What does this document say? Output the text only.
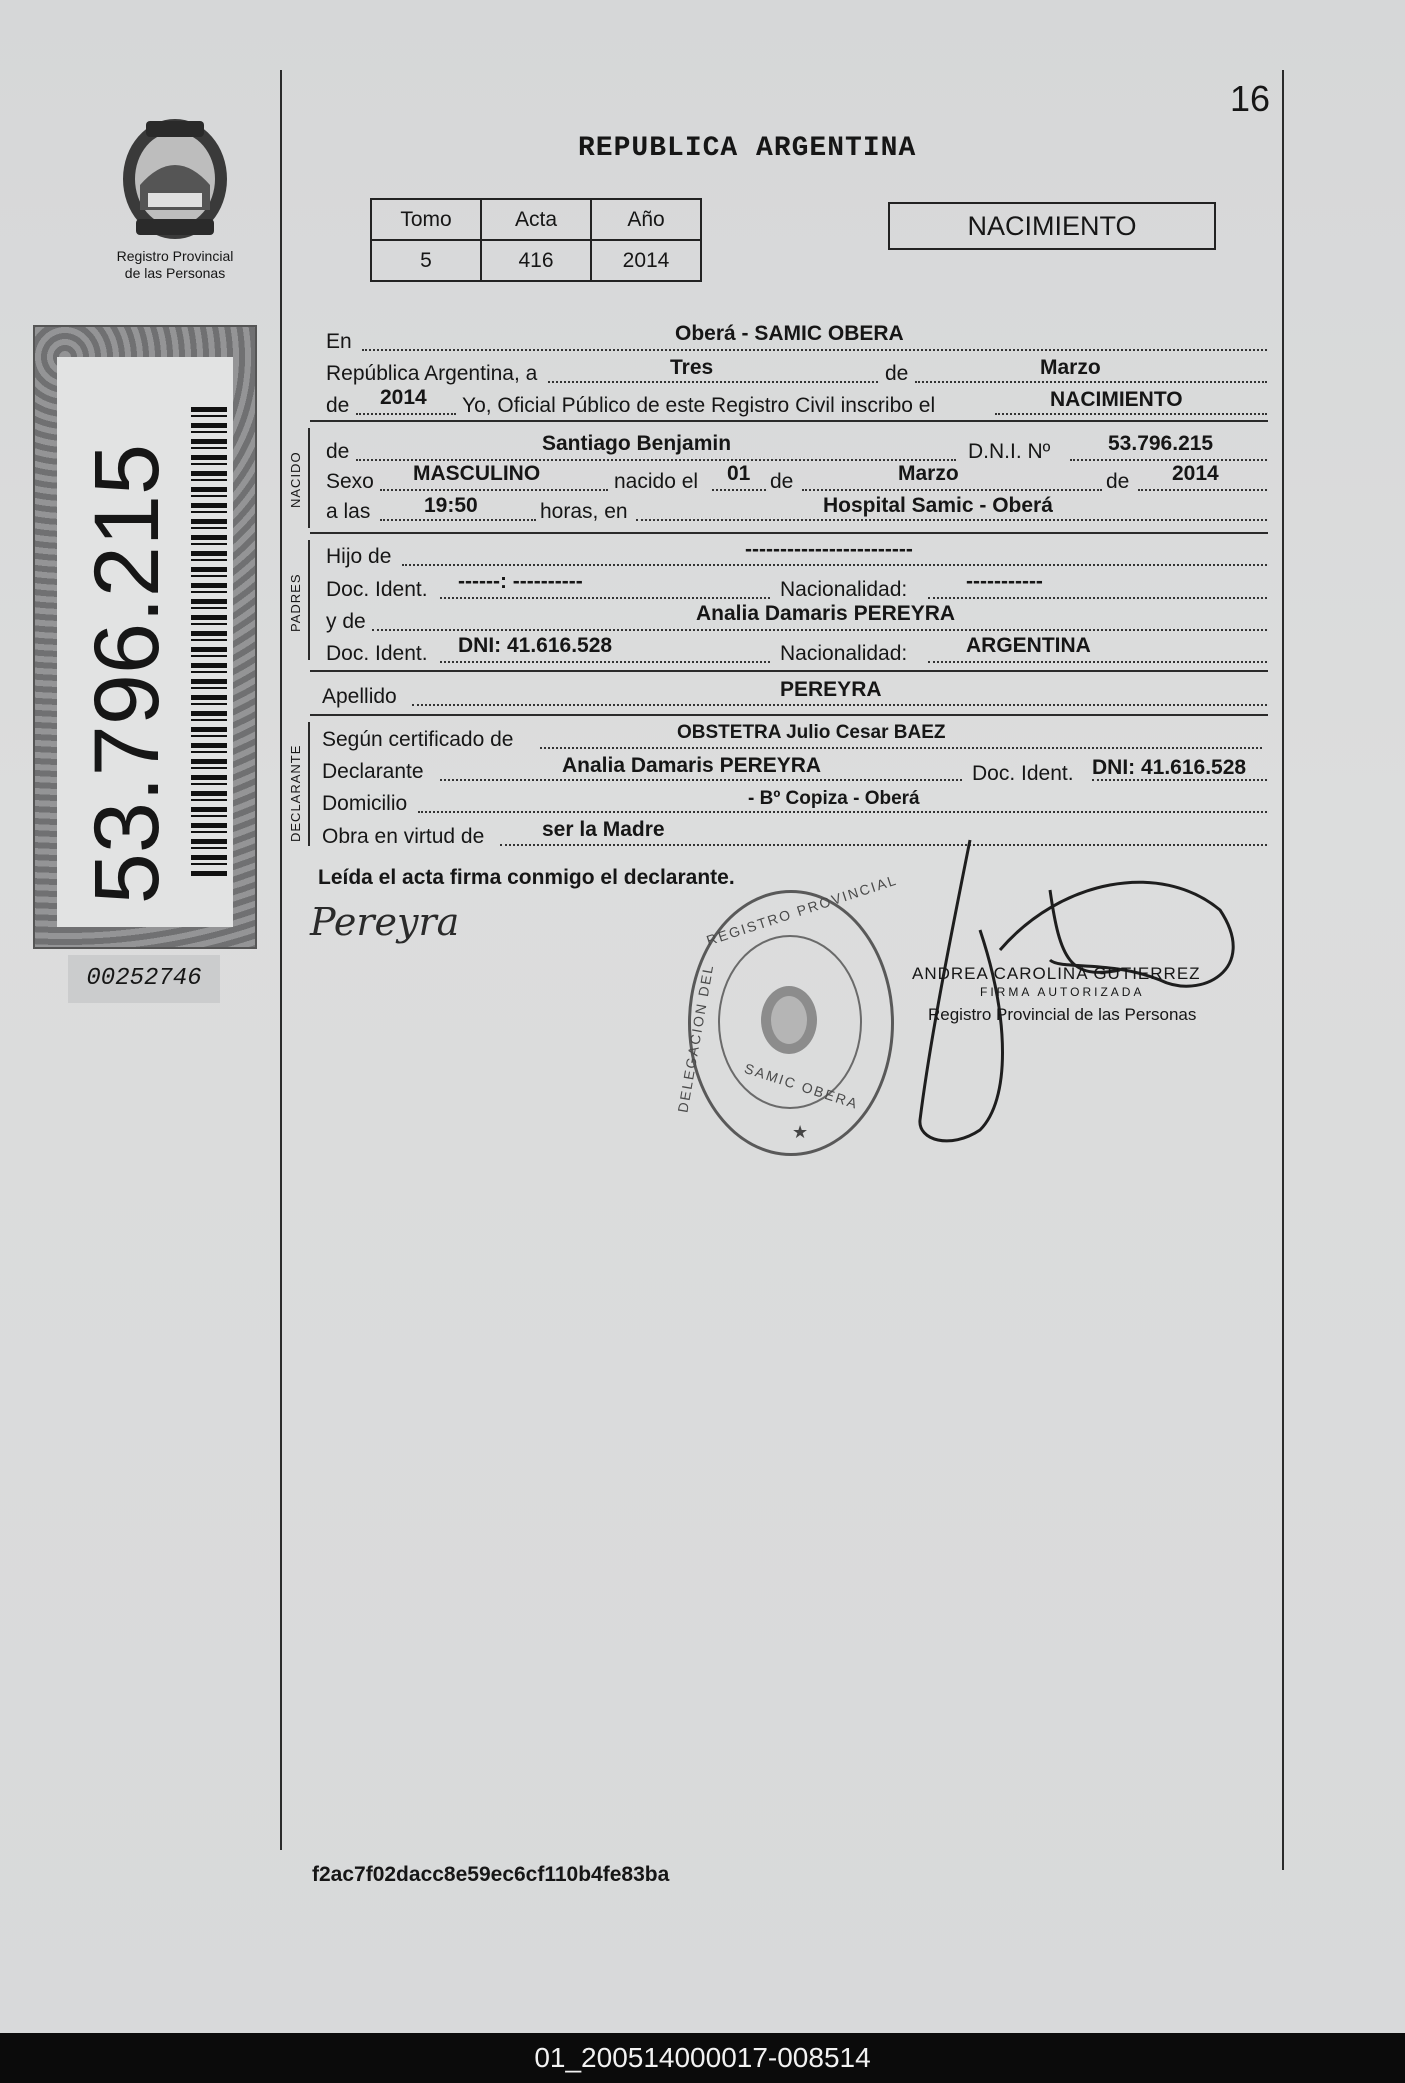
16
Registro Provincial
de las Personas
REPUBLICA ARGENTINA
Tomo	Acta	Año
5	416	2014
NACIMIENTO
53.796.215
00252746
En	Oberá - SAMIC OBERA
República Argentina, a	Tres	de	Marzo
de 2014 Yo, Oficial Público de este Registro Civil inscribo el	NACIMIENTO
NACIDO de	Santiago Benjamin	D.N.I. Nº	53.796.215
Sexo MASCULINO	nacido el 01 de	Marzo	de 2014
a las	19:50	horas, en	Hospital Samic - Oberá
PADRES
Hijo de	------------------------
Doc. Ident. ------: ----------	Nacionalidad:	-----------
y de	Analia Damaris PEREYRA
Doc. Ident. DNI: 41.616.528	Nacionalidad:	ARGENTINA
Apellido	PEREYRA
DECLARANTE
Según certificado de	OBSTETRA Julio Cesar BAEZ
Declarante	Analia Damaris PEREYRA	Doc. Ident. DNI: 41.616.528
Domicilio	- Bº Copiza - Oberá
Obra en virtud de	ser la Madre
Leída el acta firma conmigo el declarante.
Pereyra	REGISTRO PROVINCIAL
DELEGACION DEL SAMIC OBERA
★
ANDREA CAROLINA GUTIERREZ
FIRMA AUTORIZADA
Registro Provincial de las Personas
f2ac7f02dacc8e59ec6cf110b4fe83ba
01_200514000017-008514
